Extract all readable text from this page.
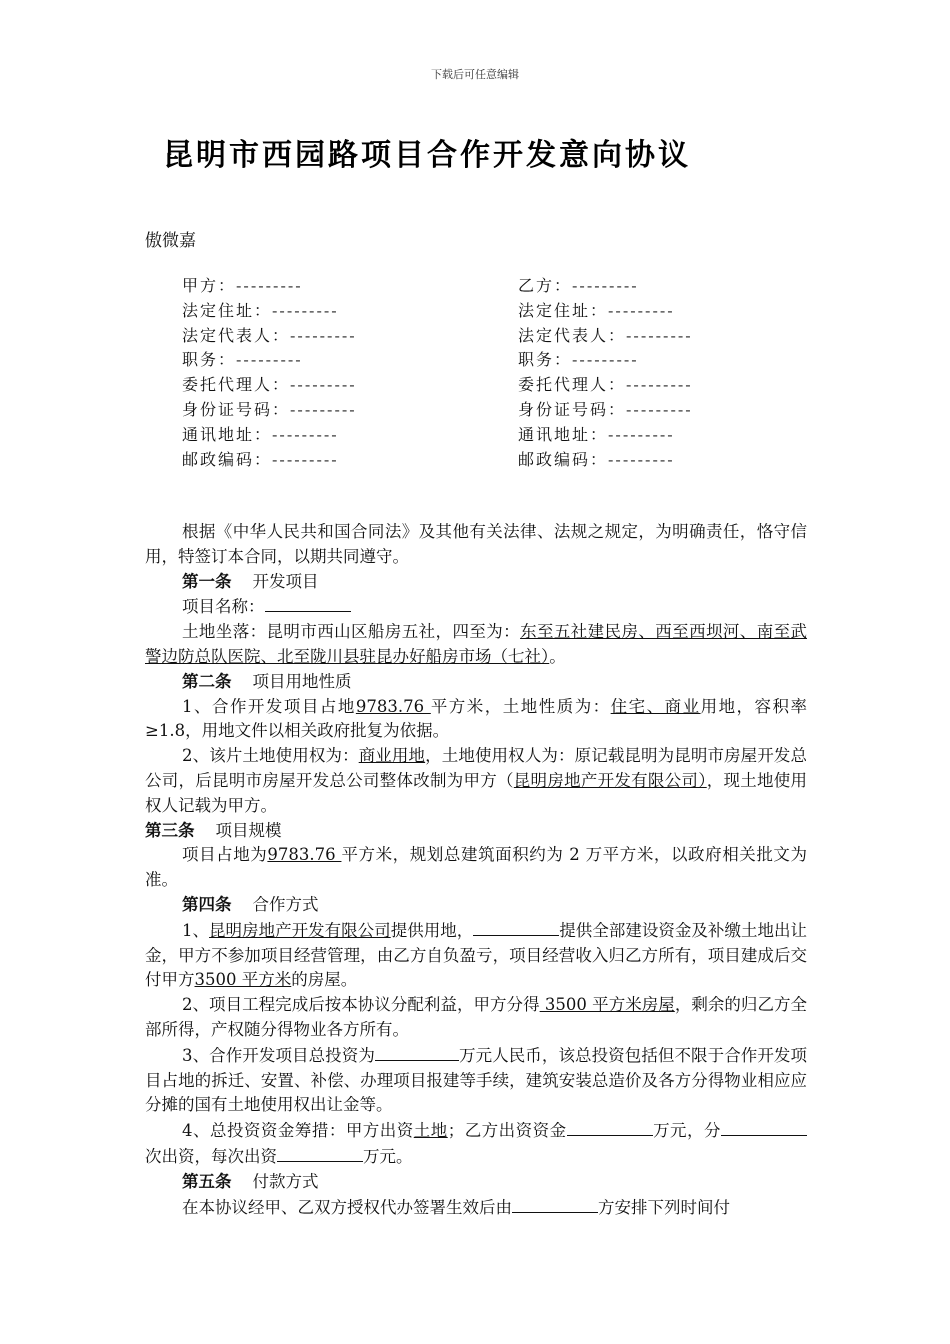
下载后可任意编辑
昆明市西园路项目合作开发意向协议
傲微嘉
甲方：---------	乙方：---------
法定住址：---------	法定住址：---------
法定代表人：---------	法定代表人：---------
职务：---------	职务：---------
委托代理人：---------	委托代理人：---------
身份证号码：---------	身份证号码：---------
通讯地址：---------	通讯地址：---------
邮政编码：---------	邮政编码：---------

根据《中华人民共和国合同法》及其他有关法律、法规之规定，为明确责任，恪守信用，特签订本合同，以期共同遵守。

第一条 开发项目

项目名称：

土地坐落：昆明市西山区船房五社，四至为：东至五社建民房、西至西坝河、南至武警边防总队医院、北至陇川县驻昆办好船房市场（七社）。

第二条 项目用地性质

1、合作开发项目占地9783.76 平方米，土地性质为：住宅、商业用地，容积率≥1.8，用地文件以相关政府批复为依据。

2、该片土地使用权为：商业用地，土地使用权人为：原记载昆明为昆明市房屋开发总公司，后昆明市房屋开发总公司整体改制为甲方（昆明房地产开发有限公司），现土地使用权人记载为甲方。

第三条 项目规模

项目占地为9783.76 平方米，规划总建筑面积约为 2 万平方米，以政府相关批文为准。

第四条 合作方式

1、昆明房地产开发有限公司提供用地，	提供全部建设资金及补缴土地出让金，甲方不参加项目经营管理，由乙方自负盈亏，项目经营收入归乙方所有，项目建成后交付甲方3500 平方米的房屋。

2、项目工程完成后按本协议分配利益，甲方分得 3500 平方米房屋，剩余的归乙方全部所得，产权随分得物业各方所有。

3、合作开发项目总投资为	万元人民币，该总投资包括但不限于合作开发项目占地的拆迁、安置、补偿、办理项目报建等手续，建筑安装总造价及各方分得物业相应应分摊的国有土地使用权出让金等。

4、总投资资金筹措：甲方出资土地；乙方出资资金	万元，分次出资，每次出资	万元。

第五条 付款方式

在本协议经甲、乙双方授权代办签署生效后由	方安排下列时间付
